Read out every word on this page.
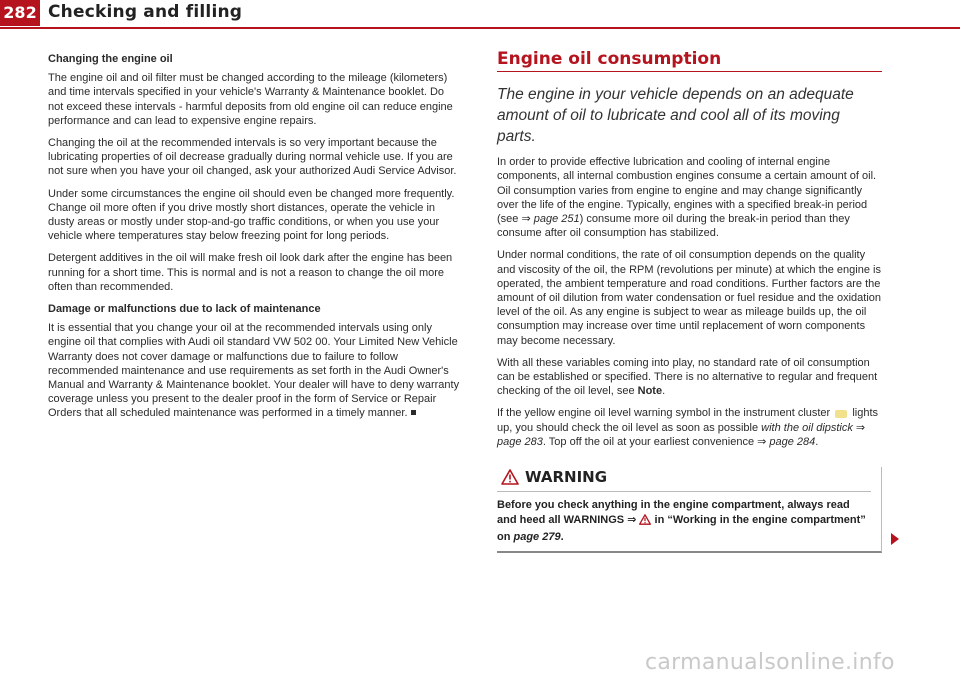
282 Checking and filling
Changing the engine oil

The engine oil and oil filter must be changed according to the mileage (kilometers) and time intervals specified in your vehicle's Warranty & Maintenance booklet. Do not exceed these intervals - harmful deposits from old engine oil can reduce engine performance and can lead to expensive engine repairs.

Changing the oil at the recommended intervals is so very important because the lubricating properties of oil decrease gradually during normal vehicle use. If you are not sure when you have your oil changed, ask your authorized Audi Service Advisor.

Under some circumstances the engine oil should even be changed more frequently. Change oil more often if you drive mostly short distances, operate the vehicle in dusty areas or mostly under stop-and-go traffic conditions, or when you use your vehicle where temperatures stay below freezing point for long periods.

Detergent additives in the oil will make fresh oil look dark after the engine has been running for a short time. This is normal and is not a reason to change the oil more often than recommended.

Damage or malfunctions due to lack of maintenance

It is essential that you change your oil at the recommended intervals using only engine oil that complies with Audi oil standard VW 502 00. Your Limited New Vehicle Warranty does not cover damage or malfunctions due to failure to follow recommended maintenance and use requirements as set forth in the Audi Owner's Manual and Warranty & Maintenance booklet. Your dealer will have to deny warranty coverage unless you present to the dealer proof in the form of Service or Repair Orders that all scheduled maintenance was performed in a timely manner.

Engine oil consumption

The engine in your vehicle depends on an adequate amount of oil to lubricate and cool all of its moving parts.

In order to provide effective lubrication and cooling of internal engine components, all internal combustion engines consume a certain amount of oil. Oil consumption varies from engine to engine and may change significantly over the life of the engine. Typically, engines with a specified break-in period (see ⇒ page 251) consume more oil during the break-in period than they consume after oil consumption has stabilized.

Under normal conditions, the rate of oil consumption depends on the quality and viscosity of the oil, the RPM (revolutions per minute) at which the engine is operated, the ambient temperature and road conditions. Further factors are the amount of oil dilution from water condensation or fuel residue and the oxidation level of the oil. As any engine is subject to wear as mileage builds up, the oil consumption may increase over time until replacement of worn components may become necessary.

With all these variables coming into play, no standard rate of oil consumption can be established or specified. There is no alternative to regular and frequent checking of the oil level, see Note.

If the yellow engine oil level warning symbol in the instrument cluster  lights up, you should check the oil level as soon as possible with the oil dipstick ⇒ page 283. Top off the oil at your earliest convenience ⇒ page 284.

WARNING
Before you check anything in the engine compartment, always read and heed all WARNINGS ⇒  in “Working in the engine compartment” on page 279.
carmanualsonline.info
